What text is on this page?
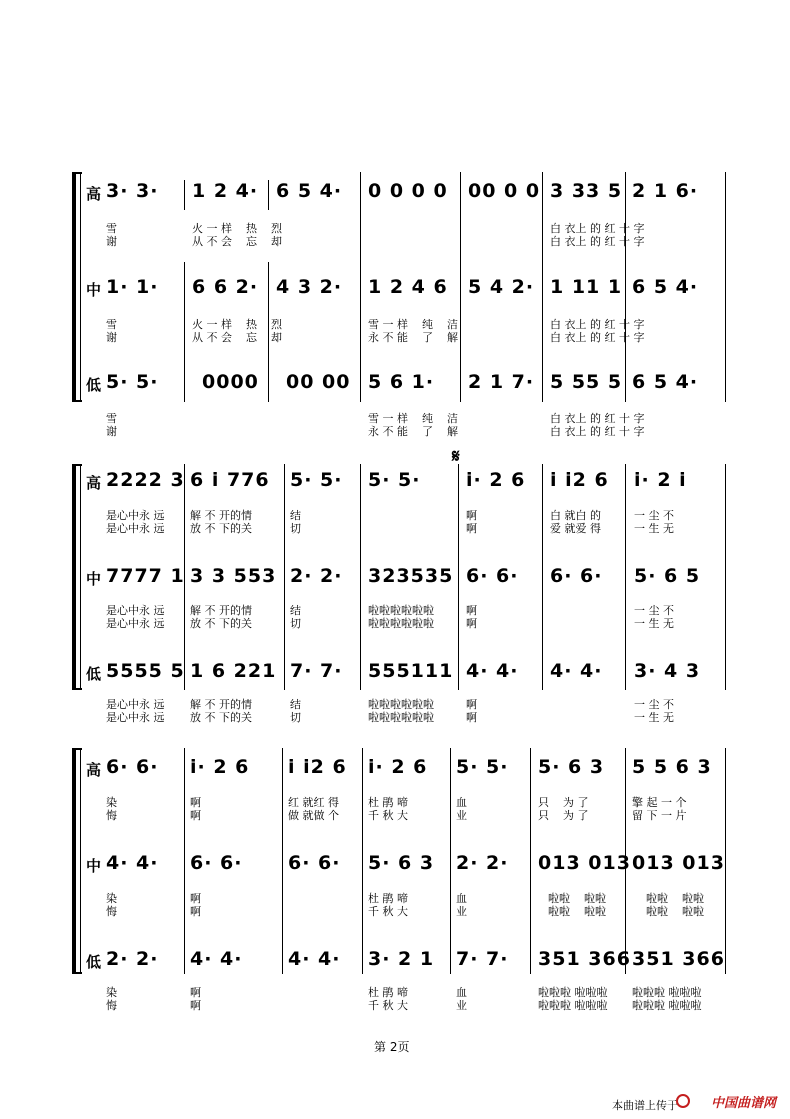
高 3· 3· 1 2 4· 6 5 4· 0 0 0 0 00 0 0 3 33 5 2 1 6·
雪
谢
火 一 样    热    烈
从 不 会    忘    却
白 衣上 的 红 十 字
白 衣上 的 红 十 字
中 1· 1· 6 6 2· 4 3 2· 1 2 4 6 5 4 2· 1 11 1 6 5 4·
雪
谢
火 一 样    热    烈
从 不 会    忘    却
雪 一 样    纯    洁
永 不 能    了    解
白 衣上 的 红 十 字
白 衣上 的 红 十 字
低 5· 5· 0000 00 00 5 6 1· 2 1 7· 5 55 5 6 5 4·
雪
谢
雪 一 样    纯    洁
永 不 能    了    解
白 衣上 的 红 十 字
白 衣上 的 红 十 字
𝄋
高 2222 3 6 i 776 5· 5· 5· 5· i· 2 6 i i2 6 i· 2 i
是心中永 远
是心中永 远
解 不 开的情
放 不 下的关
结
切
啊
啊
白 就白 的
爱 就爱 得
一 尘 不
一 生 无
中 7777 1 3 3 553 2· 2· 323535 6· 6· 6· 6· 5· 6 5
是心中永 远
是心中永 远
解 不 开的情
放 不 下的关
结
切
啦啦啦啦啦啦
啦啦啦啦啦啦
啊
啊
一 尘 不
一 生 无
低 5555 5 1 6 221 7· 7· 555111 4· 4· 4· 4· 3· 4 3
是心中永 远
是心中永 远
解 不 开的情
放 不 下的关
结
切
啦啦啦啦啦啦
啦啦啦啦啦啦
啊
啊
一 尘 不
一 生 无
高 6· 6· i· 2 6 i i2 6 i· 2 6 5· 5· 5· 6 3 5 5 6 3
染
悔
啊
啊
红 就红 得
做 就做 个
杜 鹃 啼
千 秋 大
血
业
只    为 了
只    为 了
擎 起 一 个
留 下 一 片
中 4· 4· 6· 6· 6· 6· 5· 6 3 2· 2· 013 013 013 013
染
悔
啊
啊
杜 鹃 啼
千 秋 大
血
业
啦啦    啦啦
啦啦    啦啦
啦啦    啦啦
啦啦    啦啦
低 2· 2· 4· 4· 4· 4· 3· 2 1 7· 7· 351 366 351 366
染
悔
啊
啊
杜 鹃 啼
千 秋 大
血
业
啦啦啦 啦啦啦
啦啦啦 啦啦啦
啦啦啦 啦啦啦
啦啦啦 啦啦啦
第 2页
本曲谱上传于	中国曲谱网
